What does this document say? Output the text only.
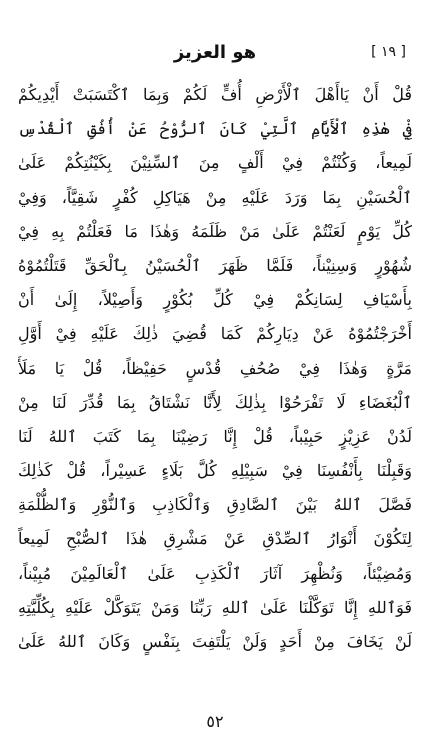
[ ١٩ ]
هو العزيز
قُلْ أَنْ يَاأَهْلَ ٱلْأَرْضِ أُفٍّ لَكُمْ وَبِمَا ٱكْتَسَبَتْ أَيْدِيكُمْ
فِيْ هٰذِهِ ٱلْأَيَّامِ ٱلَّتِيْ كَانَ ٱلرُّوْحُ عَنْ أُفُقِ ٱلْقُدْسِ
لَمِيعاً، وَكُنْتُمْ فِيْ أَلْفٍ مِنَ ٱلسِّنِيْنَ بِكَيْنُتِكُمْ عَلَىٰ
ٱلْحُسَيْنِ بِمَا وَرَدَ عَلَيْهِ مِنْ هَيَاكِلِ كُفْرٍ شَقِيَّاً، وَفِيْ
كُلِّ يَوْمٍ لَعَنْتُمْ عَلَىٰ مَنْ ظَلَمَهُ وَهٰذَا مَا فَعَلْتُمْ بِهِ فِيْ
شُهُوْرٍ وَسِنِيْناً، فَلَمَّا ظَهَرَ ٱلْحُسَيْنُ بِٱلْحَقِّ قَتَلْتُمُوْهُ
بِأَسْيَافِ لِسَانِكُمْ فِيْ كُلِّ بُكُوْرٍ وَأَصِيْلاً، إِلَىٰ أَنْ
أَخْرَجْتُمُوْهُ عَنْ دِيَارِكُمْ كَمَا قُضِيَ ذٰلِكَ عَلَيْهِ فِيْ أَوَّلِ
مَرَّةٍ وَهٰذَا فِيْ صُحُفِ قُدْسٍ حَفِيْظاً، قُلْ يَا مَلَأَ
ٱلْبُغَضَاءِ لَا تَفْرَحُوْا بِذٰلِكَ لِأَنَّا نَشْتَاقُ بِمَا قُدِّرَ لَنَا مِنْ
لَدُنْ عَزِيْزٍ حَبِيْباً، قُلْ إِنَّا رَضِيْنَا بِمَا كَتَبَ ٱللهُ لَنَا
وَقَبِلْنَا بِأَنْفُسِنَا فِيْ سَبِيْلِهِ كُلَّ بَلَاءٍ عَسِيْراً، قُلْ كَذٰلِكَ
فَصَّلَ ٱللهُ بَيْنَ ٱلصَّادِقِ وَٱلْكَاذِبِ وَٱلنُّوْرِ وَٱلظُّلْمَةِ
لِتَكُوْنَ أَنْوَارُ ٱلصِّدْقِ عَنْ مَشْرِقِ هٰذَا ٱلصُّبْحِ لَمِيعاً
وَمُضِيْئاً، وَنُظْهِرَ آثَارَ ٱلْكَذِبِ عَلَىٰ ٱلْعَالَمِيْنَ مُبِيْناً،
فَوَٱللهِ إِنَّا تَوَكَّلْنَا عَلَىٰ ٱللهِ رَبِّنَا وَمَنْ يَتَوَكَّلْ عَلَيْهِ بِكُلِّيَّتِهِ
لَنْ يَخَافَ مِنْ أَحَدٍ وَلَنْ يَلْتَفِتَ بِنَفْسٍ وَكَانَ ٱللهُ عَلَىٰ
٥٢
